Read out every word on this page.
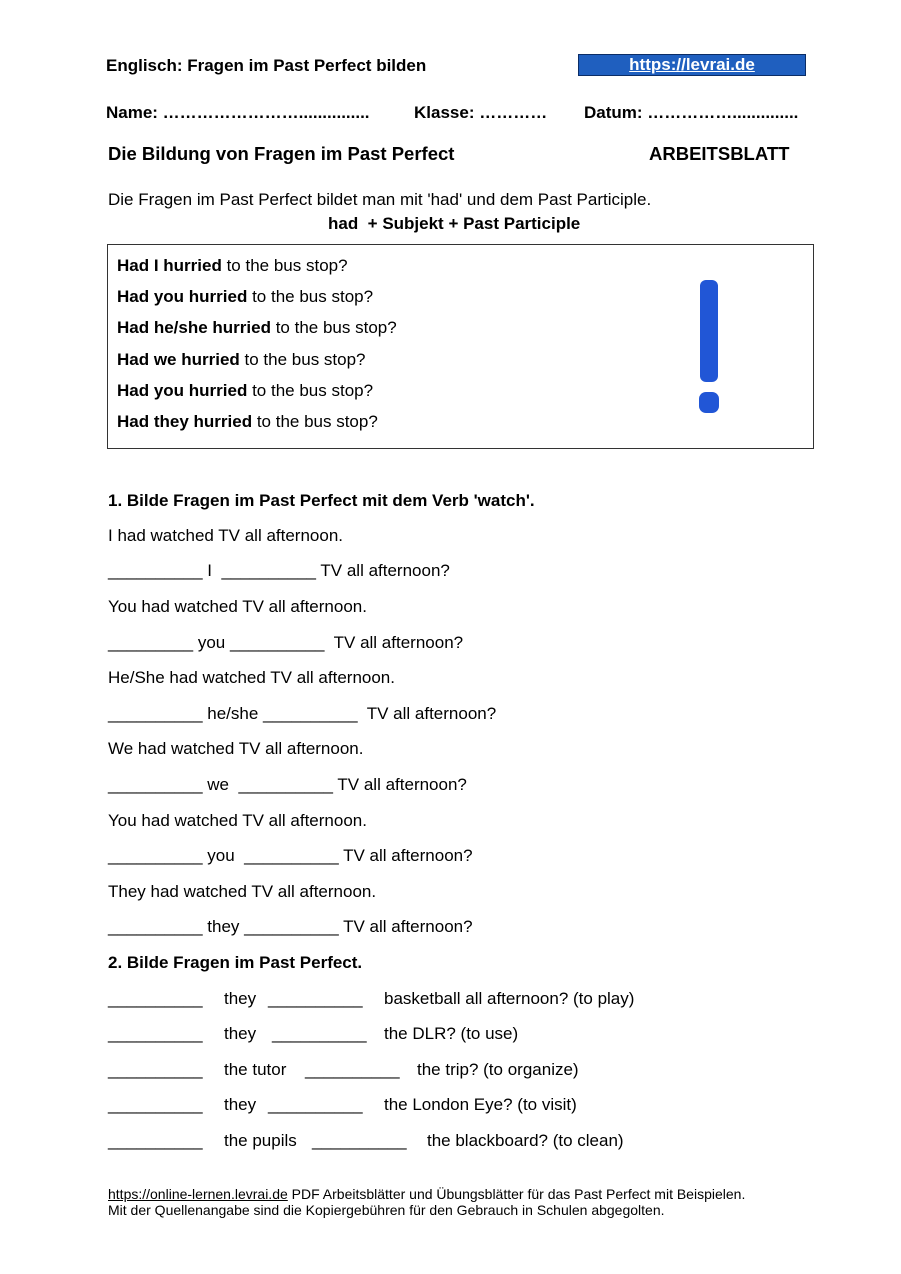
Englisch: Fragen im Past Perfect bilden	https://levrai.de
Name: ……………………...............	Klasse: ………… Datum: ……………..............
Die Bildung von Fragen im Past Perfect	ARBEITSBLATT
Die Fragen im Past Perfect bildet man mit 'had' und dem Past Participle.
had  + Subjekt + Past Participle
Had I hurried to the bus stop?
Had you hurried to the bus stop?
Had he/she hurried to the bus stop?
Had we hurried to the bus stop?
Had you hurried to the bus stop?
Had they hurried to the bus stop?
1. Bilde Fragen im Past Perfect mit dem Verb 'watch'.
I had watched TV all afternoon.
__________ I  __________ TV all afternoon?
You had watched TV all afternoon.
_________ you __________  TV all afternoon?
He/She had watched TV all afternoon.
__________ he/she __________  TV all afternoon?
We had watched TV all afternoon.
__________ we  __________ TV all afternoon?
You had watched TV all afternoon.
__________ you  __________ TV all afternoon?
They had watched TV all afternoon.
__________ they __________ TV all afternoon?
2. Bilde Fragen im Past Perfect.
__________ they __________ basketball all afternoon? (to play)
__________ they __________ the DLR? (to use)
__________ the tutor __________ the trip? (to organize)
__________ they __________ the London Eye? (to visit)
__________ the pupils __________ the blackboard? (to clean)
https://online-lernen.levrai.de PDF Arbeitsblätter und Übungsblätter für das Past Perfect mit Beispielen.
Mit der Quellenangabe sind die Kopiergebühren für den Gebrauch in Schulen abgegolten.
